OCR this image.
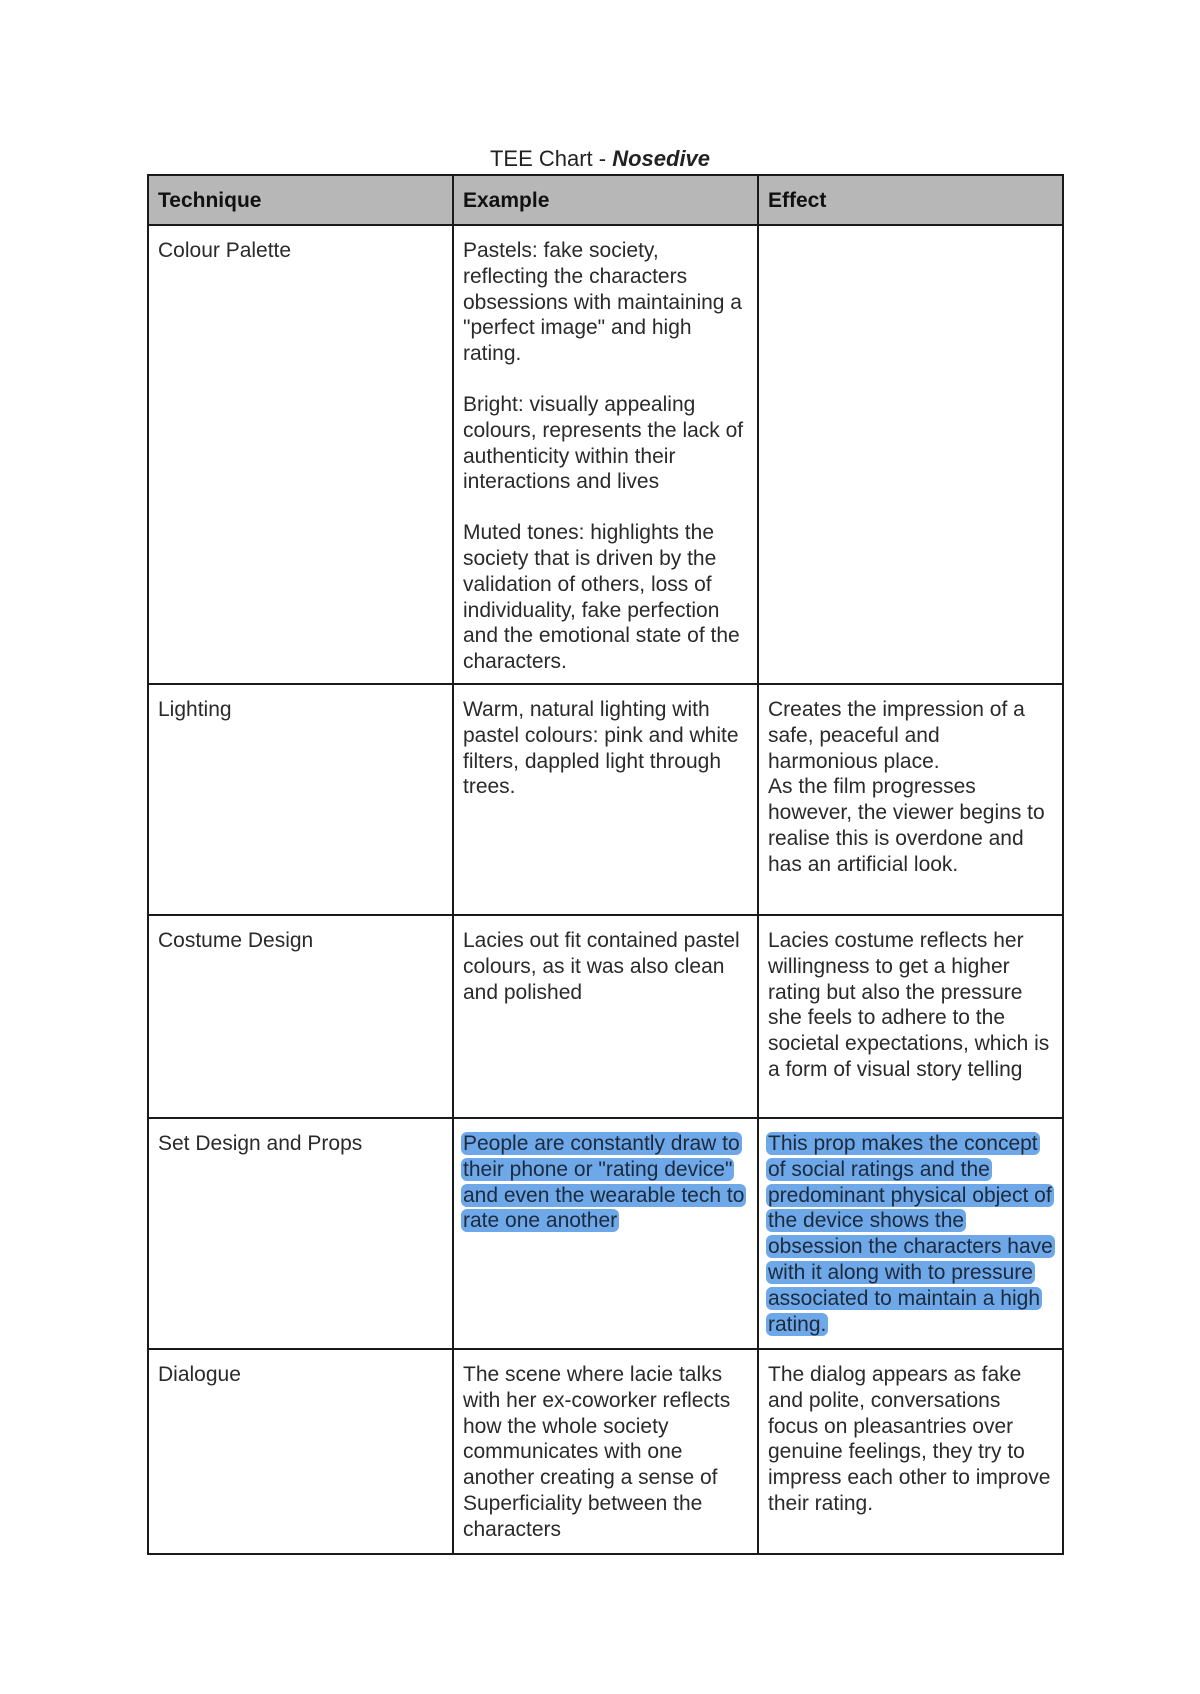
TEE Chart - Nosedive
Technique	Example	Effect
Colour Palette	Pastels: fake society, reflecting the characters obsessions with maintaining a "perfect image" and high rating.
Bright: visually appealing colours, represents the lack of authenticity within their interactions and lives
Muted tones: highlights the society that is driven by the validation of others, loss of individuality, fake perfection and the emotional state of the characters.	

Lighting	Warm, natural lighting with pastel colours: pink and white filters, dappled light through trees.	Creates the impression of a safe, peaceful and harmonious place.
As the film progresses however, the viewer begins to realise this is overdone and has an artificial look.
Costume Design	Lacies out fit contained pastel colours, as it was also clean and polished	Lacies costume reflects her willingness to get a higher rating but also the pressure she feels to adhere to the societal expectations, which is a form of visual story telling
Set Design and Props	People are constantly draw to their phone or "rating device" and even the wearable tech to rate one another	This prop makes the concept of social ratings and the predominant physical object of the device shows the obsession the characters have with it along with to pressure associated to maintain a high rating.
Dialogue	The scene where lacie talks with her ex-coworker reflects how the whole society communicates with one another creating a sense of Superficiality between the characters	The dialog appears as fake and polite, conversations focus on pleasantries over genuine feelings, they try to impress each other to improve their rating.
